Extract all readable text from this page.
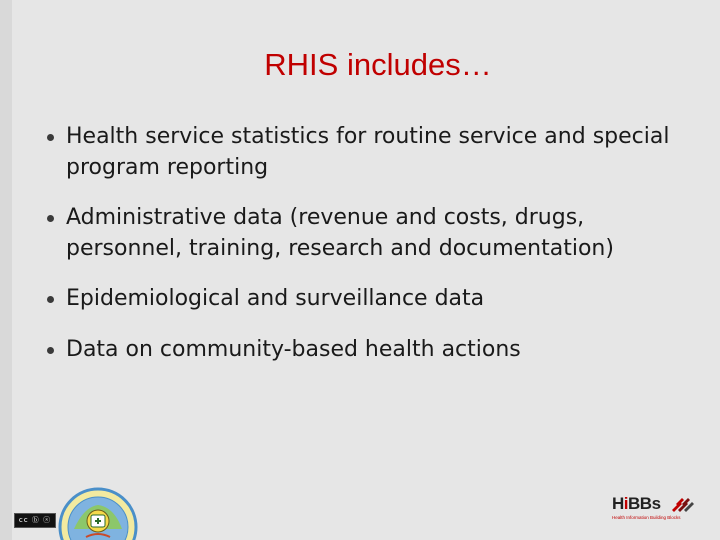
RHIS includes…
Health service statistics for routine service and special program reporting
Administrative data (revenue and costs, drugs, personnel, training, research and documentation)
Epidemiological and surveillance data
Data on community-based health actions
cc ⓑ ⓢ
HiBBs
Health Information Building Blocks
